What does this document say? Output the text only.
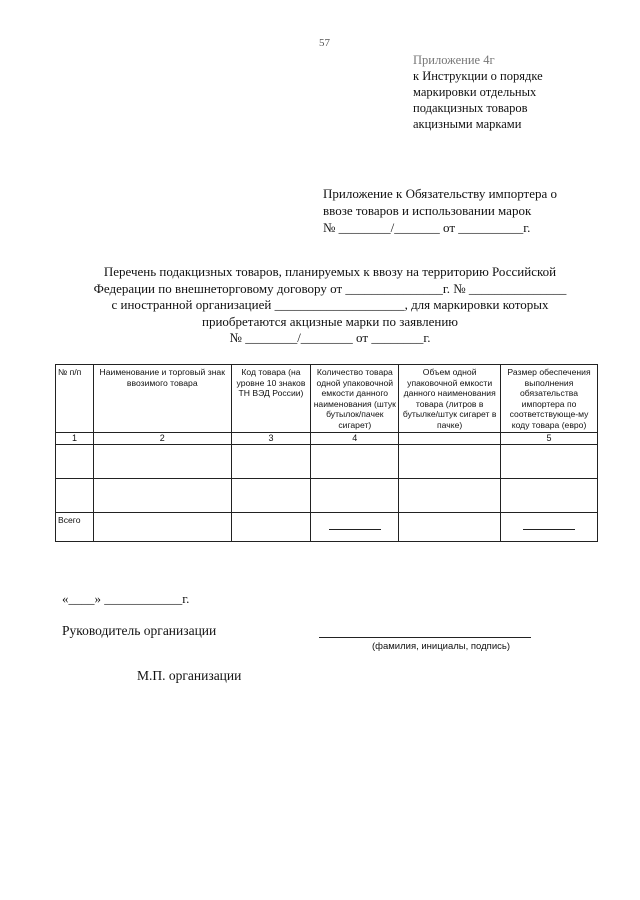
57
Приложение 4г
к Инструкции о порядке
маркировки отдельных
подакцизных товаров
акцизными марками
Приложение к Обязательству импортера о
ввозе товаров и использовании марок
№ ________/_______ от __________г.
Перечень подакцизных товаров, планируемых к ввозу на территорию Российской
Федерации по внешнеторговому договору от _______________г. № _______________
с иностранной организацией ____________________, для маркировки которых
приобретаются акцизные марки по заявлению
№ ________/________ от ________г.
№ п/п	Наименование и торговый знак ввозимого товара	Код товара (на уровне 10 знаков ТН ВЭД России)	Количество товара одной упаковочной емкости данного наименования (штук бутылок/пачек сигарет)	Объем одной упаковочной емкости данного наименования товара (литров в бутылке/штук сигарет в пачке)	Размер обеспечения выполнения обязательства импортера по соответствующе-му коду товара (евро)
1	2	3	4		5

Всего					
«____» ____________г.
Руководитель организации
(фамилия, инициалы, подпись)
М.П. организации
